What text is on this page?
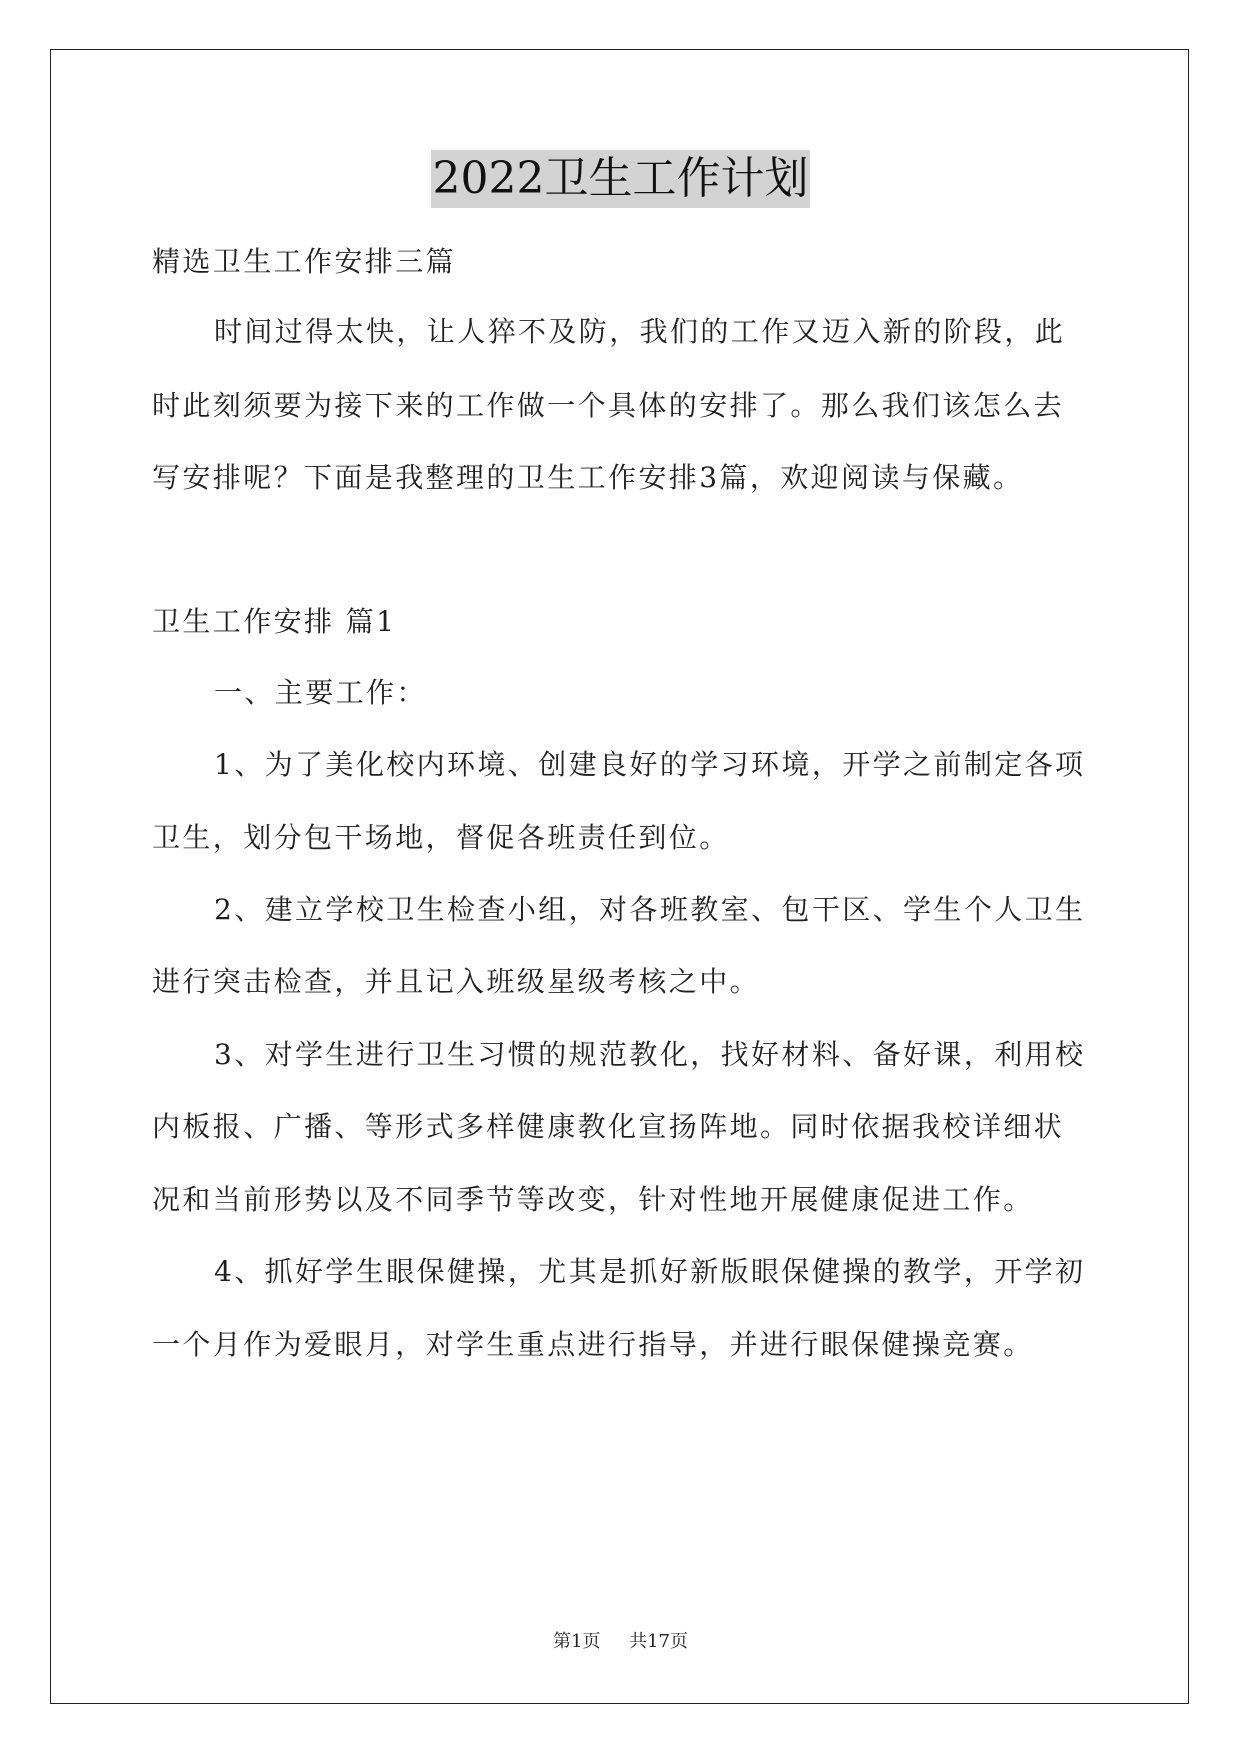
2022卫生工作计划
精选卫生工作安排三篇
时间过得太快，让人猝不及防，我们的工作又迈入新的阶段，此
时此刻须要为接下来的工作做一个具体的安排了。那么我们该怎么去
写安排呢？下面是我整理的卫生工作安排3篇，欢迎阅读与保藏。
卫生工作安排 篇1
一、主要工作：
1、为了美化校内环境、创建良好的学习环境，开学之前制定各项
卫生，划分包干场地，督促各班责任到位。
2、建立学校卫生检查小组，对各班教室、包干区、学生个人卫生
进行突击检查，并且记入班级星级考核之中。
3、对学生进行卫生习惯的规范教化，找好材料、备好课，利用校
内板报、广播、等形式多样健康教化宣扬阵地。同时依据我校详细状
况和当前形势以及不同季节等改变，针对性地开展健康促进工作。
4、抓好学生眼保健操，尤其是抓好新版眼保健操的教学，开学初
一个月作为爱眼月，对学生重点进行指导，并进行眼保健操竞赛。
第1页 共17页
